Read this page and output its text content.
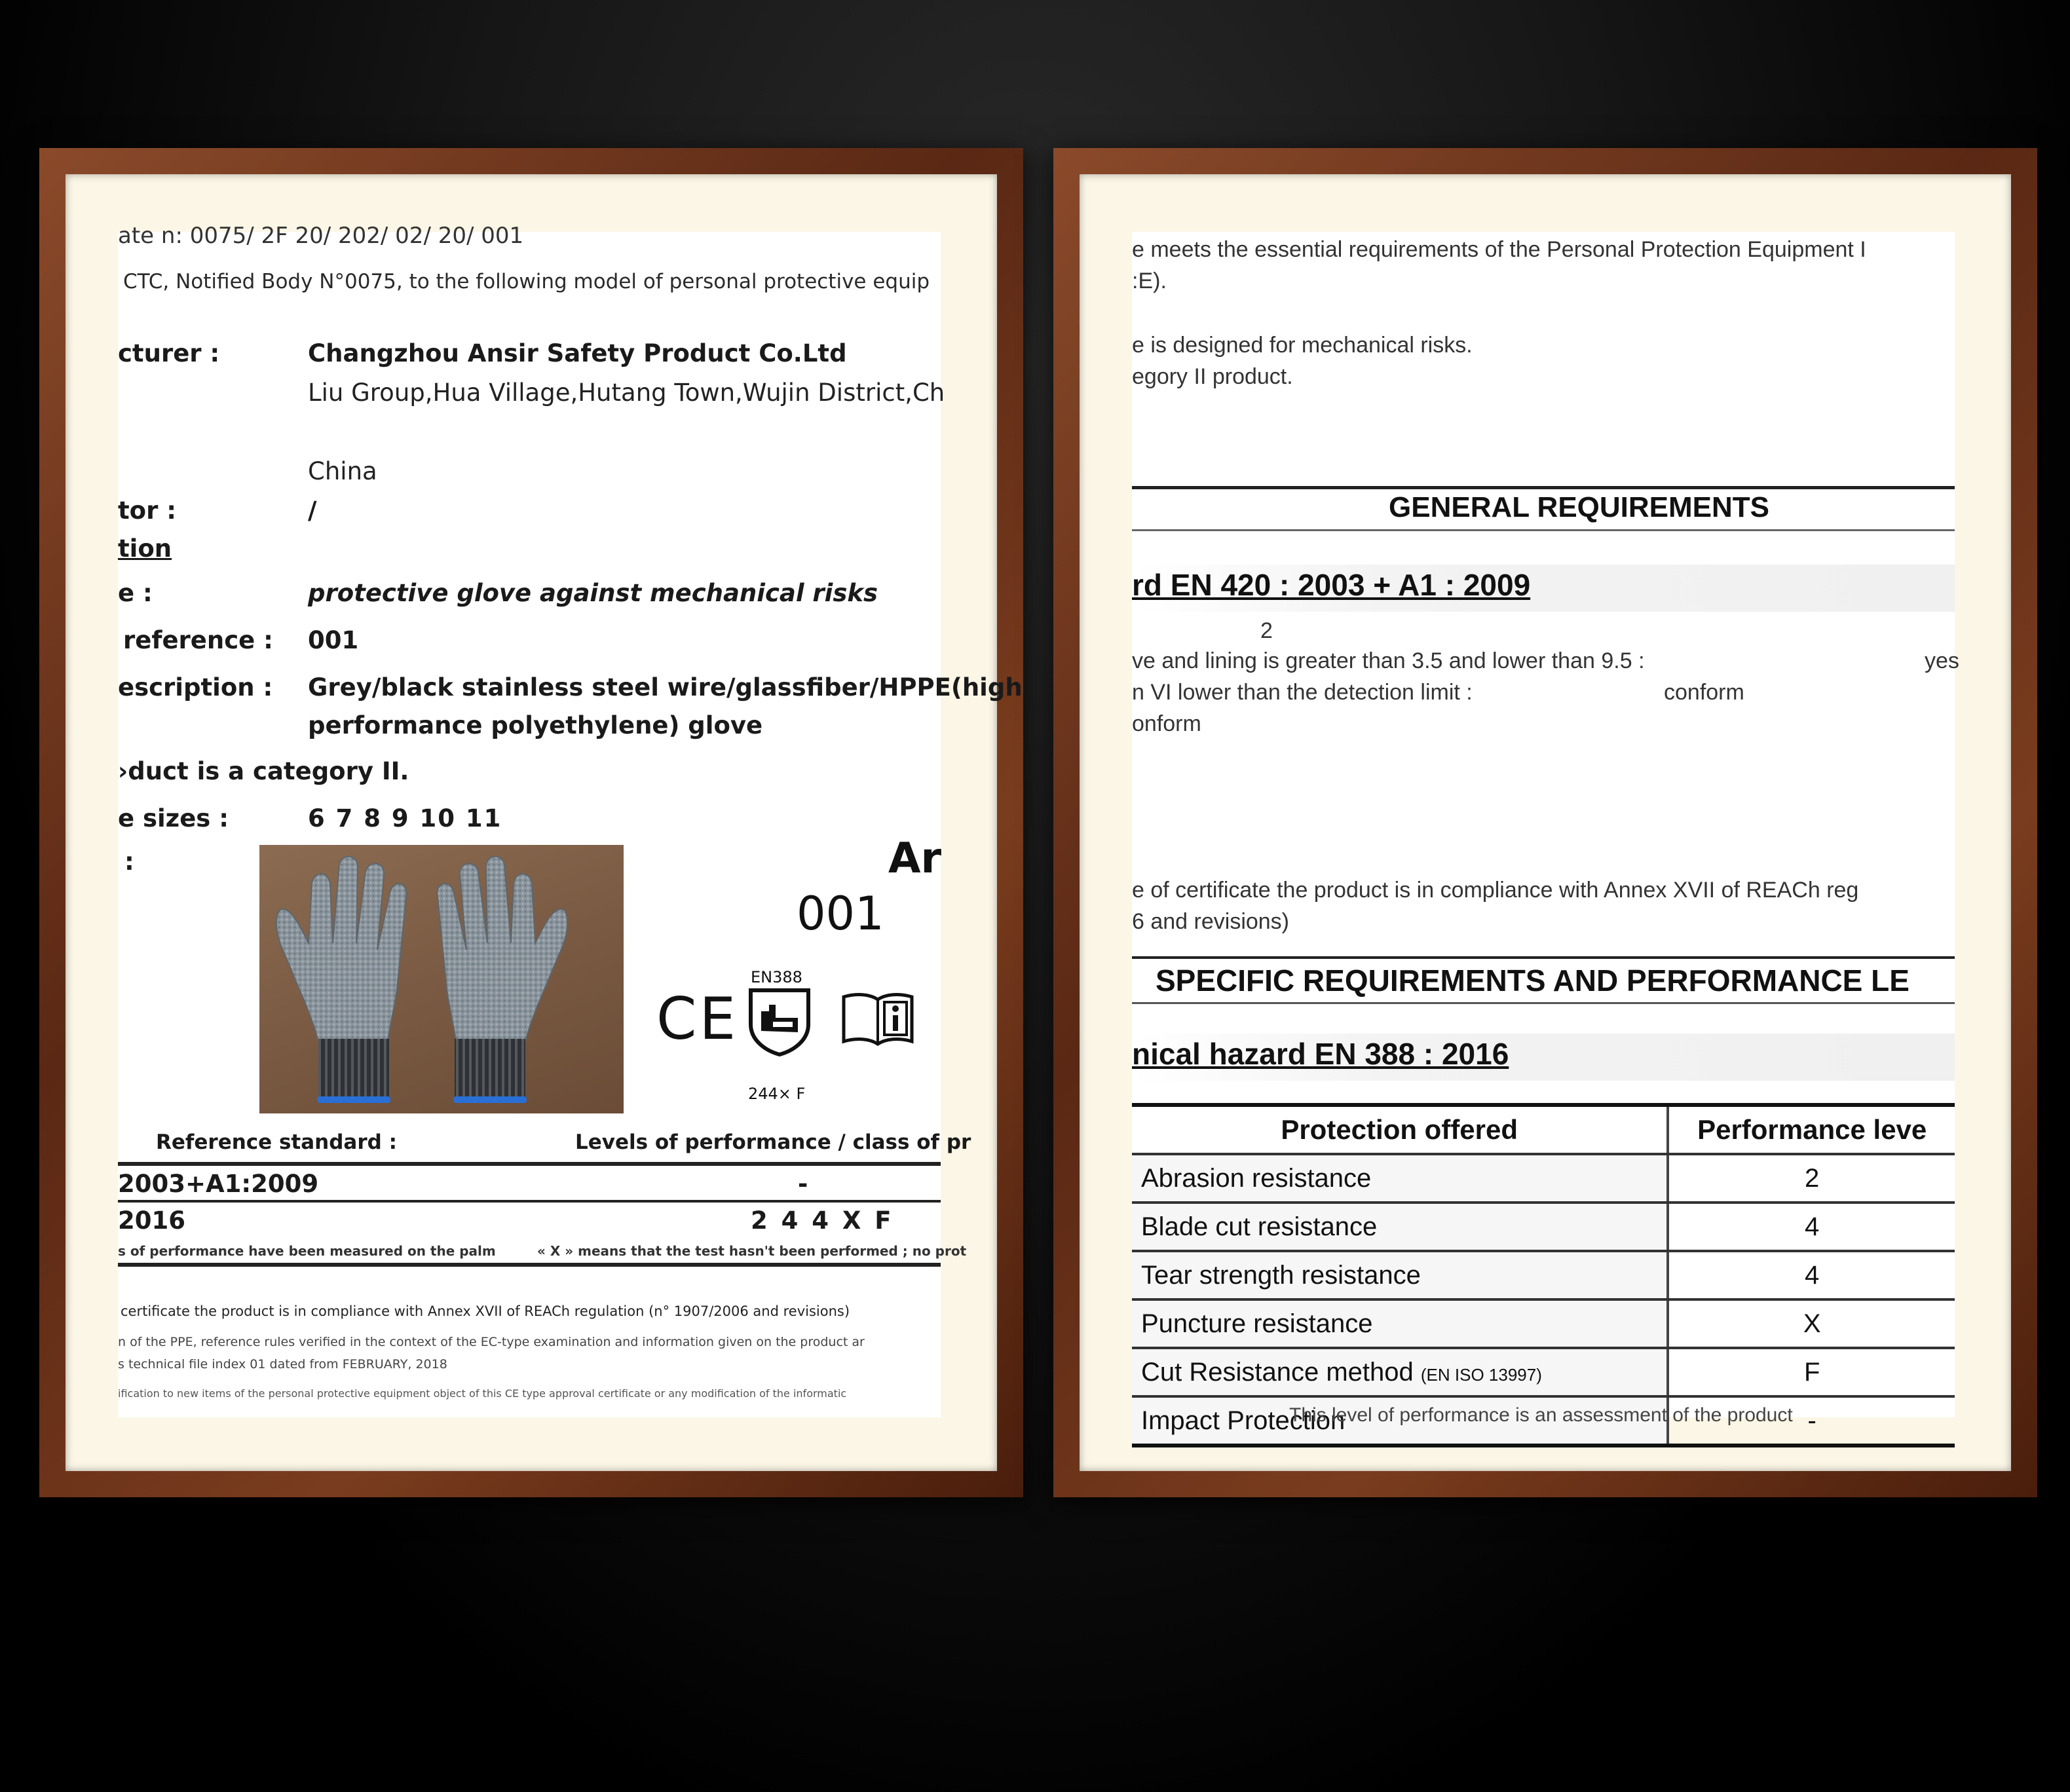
ate n: 0075/ 2F 20/ 202/ 02/ 20/ 001
CTC, Notified Body N°0075, to the following model of personal protective equip
cturer :	Changzhou Ansir Safety Product Co.Ltd
Liu Group,Hua Village,Hutang Town,Wujin District,Ch
China
tor :	/
tion
e :	protective glove against mechanical risks
reference : 001
escription : Grey/black stainless steel wire/glassfiber/HPPE(high
performance polyethylene) glove
›duct is a category II.
e sizes :	6 7 8 9 10 11
:	Ar
001
CE
EN388
244× F
Reference standard :	Levels of performance / class of pr
2003+A1:2009	-
2016	2 4 4 X F
s of performance have been measured on the palm	« X » means that the test hasn't been performed ; no prot
certificate the product is in compliance with Annex XVII of REACh regulation (n° 1907/2006 and revisions)
n of the PPE, reference rules verified in the context of the EC-type examination and information given on the product ar
s technical file index 01 dated from FEBRUARY, 2018
ification to new items of the personal protective equipment object of this CE type approval certificate or any modification of the informatic
e meets the essential requirements of the Personal Protection Equipment I
:E).
e is designed for mechanical risks.
egory II product.
GENERAL REQUIREMENTS
rd EN 420 : 2003 + A1 : 2009
2
ve and lining is greater than 3.5 and lower than 9.5 :	yes
n VI lower than the detection limit :	conform
onform
e of certificate the product is in compliance with Annex XVII of REACh reg
6 and revisions)
SPECIFIC REQUIREMENTS AND PERFORMANCE LE
nical hazard EN 388 : 2016
Protection offered	Performance leve
Abrasion resistance	2
Blade cut resistance	4
Tear strength resistance	4
Puncture resistance	X
Cut Resistance method (EN ISO 13997)	F
Impact Protection	-
This level of performance is an assessment of the product
